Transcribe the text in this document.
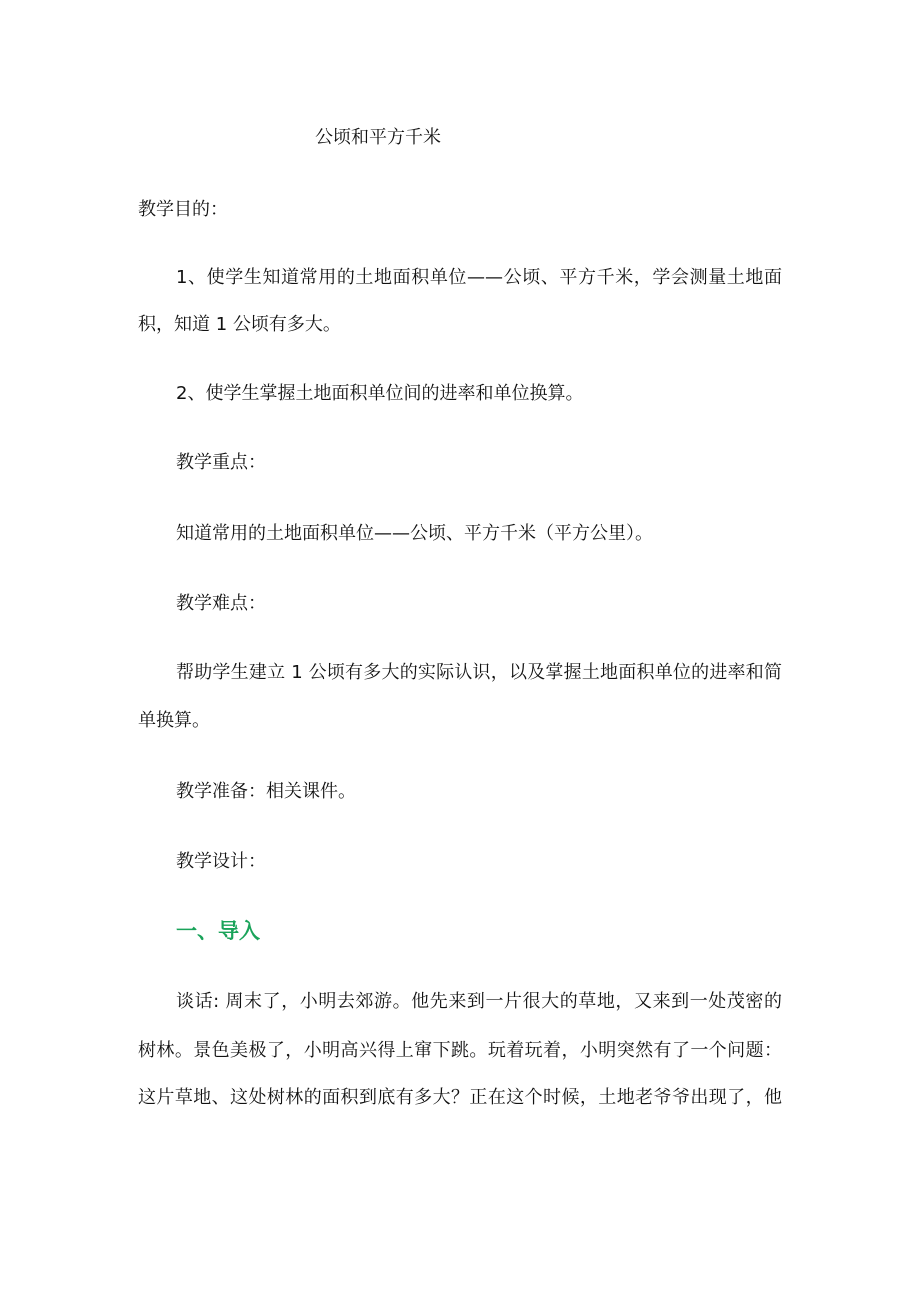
公顷和平方千米
教学目的：
1、使学生知道常用的土地面积单位——公顷、平方千米，学会测量土地面
积，知道 1 公顷有多大。
2、使学生掌握土地面积单位间的进率和单位换算。
教学重点：
知道常用的土地面积单位——公顷、平方千米（平方公里）。
教学难点：
帮助学生建立 1 公顷有多大的实际认识，以及掌握土地面积单位的进率和简
单换算。
教学准备：相关课件。
教学设计：
一、导入
谈话: 周末了，小明去郊游。他先来到一片很大的草地，又来到一处茂密的
树林。景色美极了，小明高兴得上窜下跳。玩着玩着，小明突然有了一个问题：
这片草地、这处树林的面积到底有多大？正在这个时候，土地老爷爷出现了，他
